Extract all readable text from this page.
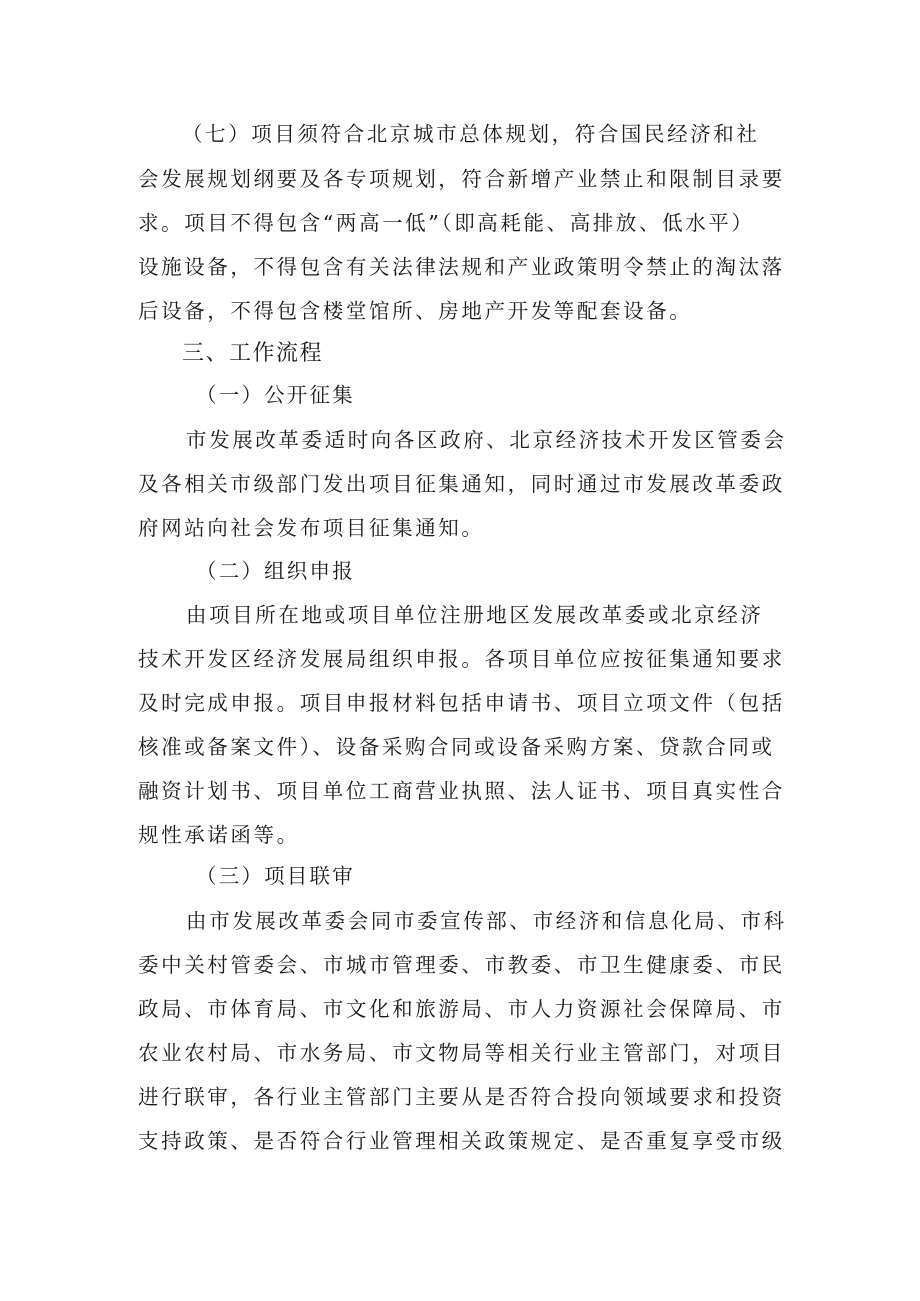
（七）项目须符合北京城市总体规划，符合国民经济和社
会发展规划纲要及各专项规划，符合新增产业禁止和限制目录要
求。项目不得包含“两高一低”（即高耗能、高排放、低水平）
设施设备，不得包含有关法律法规和产业政策明令禁止的淘汰落
后设备，不得包含楼堂馆所、房地产开发等配套设备。
三、工作流程
（一）公开征集
市发展改革委适时向各区政府、北京经济技术开发区管委会
及各相关市级部门发出项目征集通知，同时通过市发展改革委政
府网站向社会发布项目征集通知。
（二）组织申报
由项目所在地或项目单位注册地区发展改革委或北京经济
技术开发区经济发展局组织申报。各项目单位应按征集通知要求
及时完成申报。项目申报材料包括申请书、项目立项文件（包括
核准或备案文件）、设备采购合同或设备采购方案、贷款合同或
融资计划书、项目单位工商营业执照、法人证书、项目真实性合
规性承诺函等。
（三）项目联审
由市发展改革委会同市委宣传部、市经济和信息化局、市科
委中关村管委会、市城市管理委、市教委、市卫生健康委、市民
政局、市体育局、市文化和旅游局、市人力资源社会保障局、市
农业农村局、市水务局、市文物局等相关行业主管部门，对项目
进行联审，各行业主管部门主要从是否符合投向领域要求和投资
支持政策、是否符合行业管理相关政策规定、是否重复享受市级
